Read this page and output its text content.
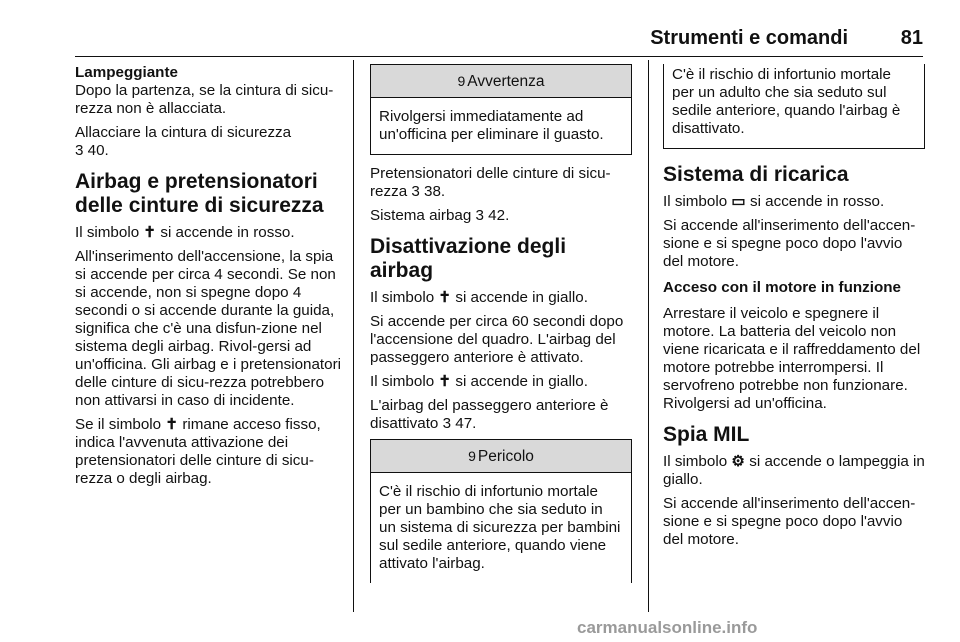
Strumenti e comandi	81
Lampeggiante

Dopo la partenza, se la cintura di sicu-rezza non è allacciata.

Allacciare la cintura di sicurezza
3 40.

Airbag e pretensionatori delle cinture di sicurezza

Il simbolo ✝ si accende in rosso.

All'inserimento dell'accensione, la spia si accende per circa 4 secondi. Se non si accende, non si spegne dopo 4 secondi o si accende durante la guida, significa che c'è una disfun-zione nel sistema degli airbag. Rivol-gersi ad un'officina. Gli airbag e i pretensionatori delle cinture di sicu-rezza potrebbero non attivarsi in caso di incidente.

Se il simbolo ✝ rimane acceso fisso, indica l'avvenuta attivazione dei pretensionatori delle cinture di sicu-rezza o degli airbag.

9 Avvertenza
Rivolgersi immediatamente ad un'officina per eliminare il guasto.

Pretensionatori delle cinture di sicu-rezza 3 38.

Sistema airbag 3 42.

Disattivazione degli airbag

Il simbolo ✝ si accende in giallo.

Si accende per circa 60 secondi dopo l'accensione del quadro. L'airbag del passeggero anteriore è attivato.

Il simbolo ✝ si accende in giallo.

L'airbag del passeggero anteriore è disattivato 3 47.

9 Pericolo
C'è il rischio di infortunio mortale per un bambino che sia seduto in un sistema di sicurezza per bambini sul sedile anteriore, quando viene attivato l'airbag.
C'è il rischio di infortunio mortale per un adulto che sia seduto sul sedile anteriore, quando l'airbag è disattivato.
Sistema di ricarica

Il simbolo ▭ si accende in rosso.

Si accende all'inserimento dell'accen-sione e si spegne poco dopo l'avvio del motore.

Acceso con il motore in funzione

Arrestare il veicolo e spegnere il motore. La batteria del veicolo non viene ricaricata e il raffreddamento del motore potrebbe interrompersi. Il servofreno potrebbe non funzionare. Rivolgersi ad un'officina.

Spia MIL

Il simbolo ⚙ si accende o lampeggia in giallo.

Si accende all'inserimento dell'accen-sione e si spegne poco dopo l'avvio del motore.

carmanualsonline.info
